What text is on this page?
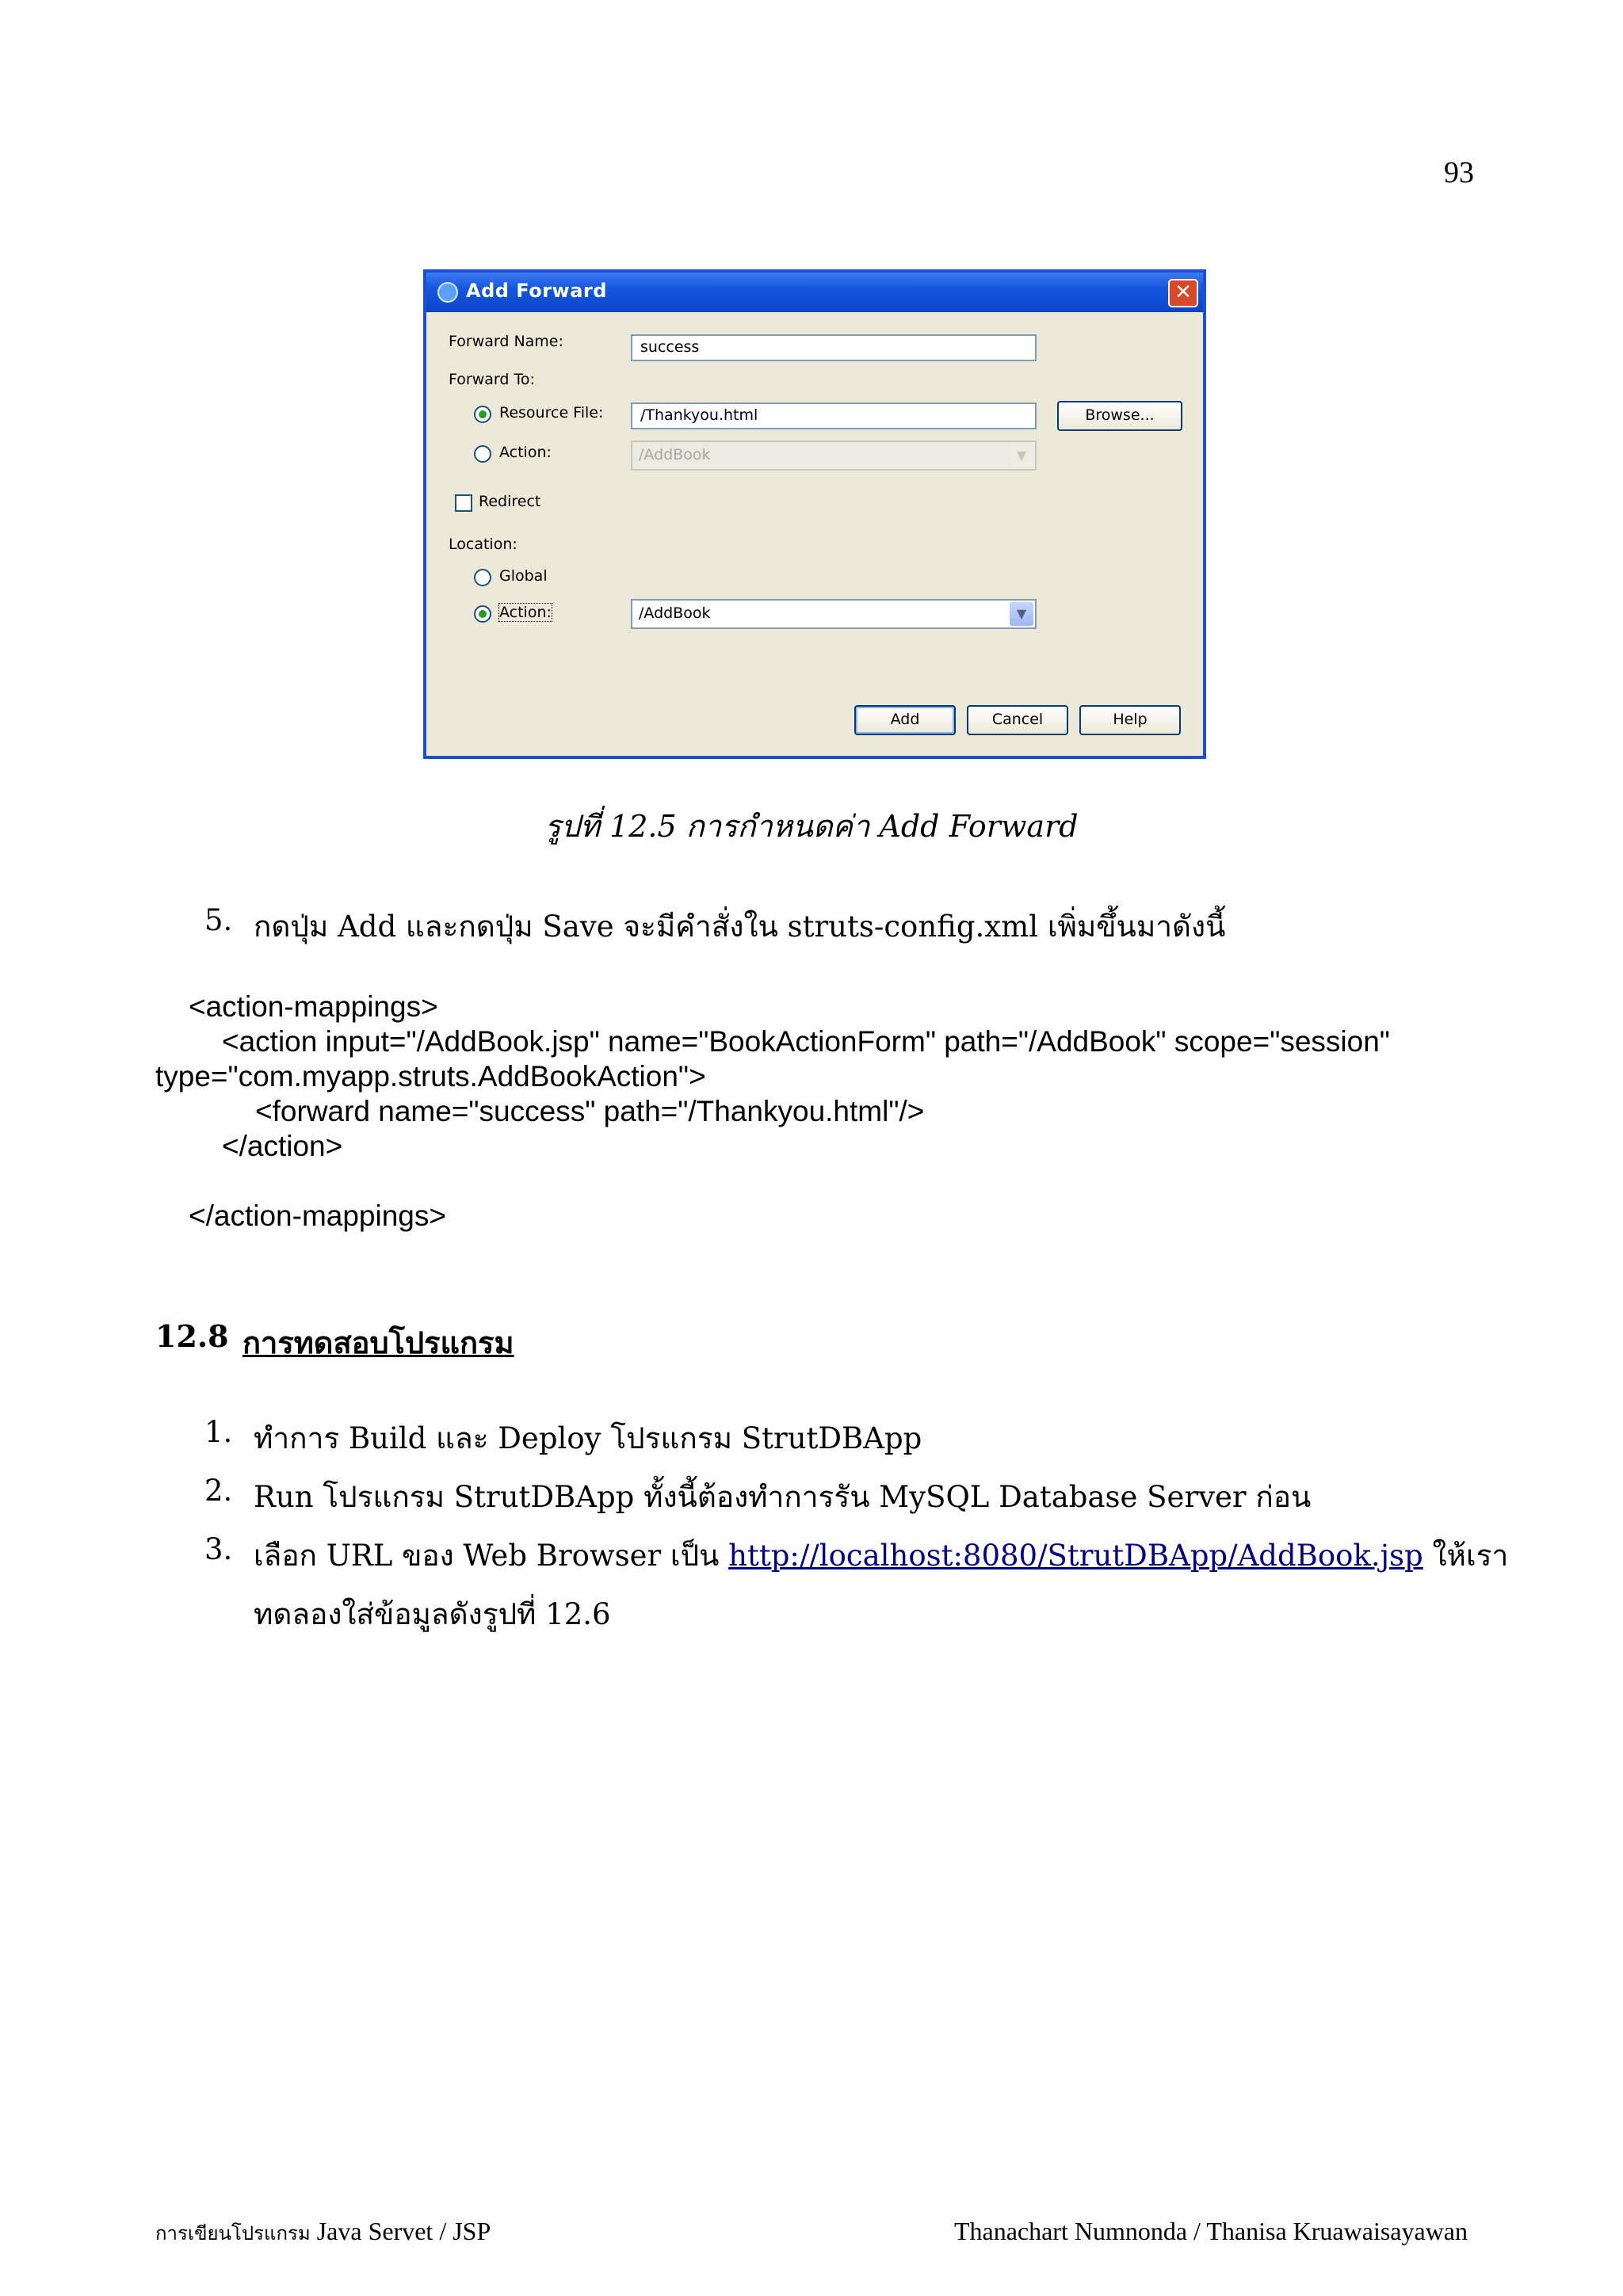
93
Add Forward	✕
Forward Name:	success
Forward To:
Resource File:	/Thankyou.html	Browse...
Action:	/AddBook	▼
Redirect
Location:
Global
Action:	/AddBook	▼
Add	Cancel	Help
รูปที่ 12.5 การกำหนดค่า Add Forward
5. กดปุ่ม Add และกดปุ่ม Save จะมีคำสั่งใน struts-config.xml เพิ่มขึ้นมาดังนี้
<action-mappings>
<action input="/AddBook.jsp" name="BookActionForm" path="/AddBook" scope="session"
type="com.myapp.struts.AddBookAction">
<forward name="success" path="/Thankyou.html"/>
</action>
</action-mappings>
12.8 การทดสอบโปรแกรม
1. ทำการ Build และ Deploy โปรแกรม StrutDBApp
2. Run โปรแกรม StrutDBApp ทั้งนี้ต้องทำการรัน MySQL Database Server ก่อน
3. เลือก URL ของ Web Browser เป็น http://localhost:8080/StrutDBApp/AddBook.jsp ให้เรา
ทดลองใส่ข้อมูลดังรูปที่ 12.6
การเขียนโปรแกรม Java Servet / JSP	Thanachart Numnonda / Thanisa Kruawaisayawan
